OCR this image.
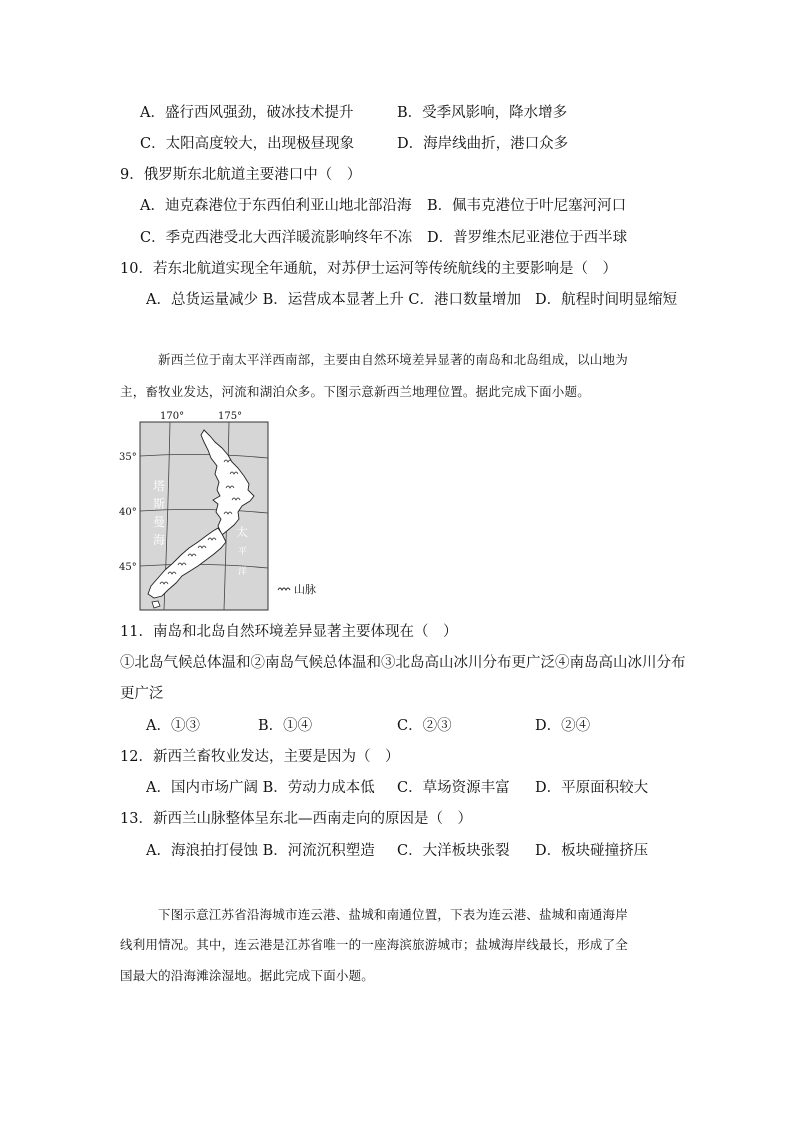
A．盛行西风强劲，破冰技术提升	B．受季风影响，降水增多
C．太阳高度较大，出现极昼现象	D．海岸线曲折，港口众多
9．俄罗斯东北航道主要港口中（　）
A．迪克森港位于东西伯利亚山地北部沿海 B．佩韦克港位于叶尼塞河河口
C．季克西港受北大西洋暖流影响终年不冻 D．普罗维杰尼亚港位于西半球
10．若东北航道实现全年通航，对苏伊士运河等传统航线的主要影响是（　）
A．总货运量减少 B．运营成本显著上升 C．港口数量增加 D．航程时间明显缩短
新西兰位于南太平洋西南部，主要由自然环境差异显著的南岛和北岛组成，以山地为
主，畜牧业发达，河流和湖泊众多。下图示意新西兰地理位置。据此完成下面小题。
170°	175°
35°
40°
45°
塔
斯
曼
海
太
平
洋
山脉
11．南岛和北岛自然环境差异显著主要体现在（　）
①北岛气候总体温和②南岛气候总体温和③北岛高山冰川分布更广泛④南岛高山冰川分布
更广泛
A．①③	B．①④	C．②③	D．②④
12．新西兰畜牧业发达，主要是因为（　）
A．国内市场广阔 B．劳动力成本低 C．草场资源丰富 D．平原面积较大
13．新西兰山脉整体呈东北—西南走向的原因是（　）
A．海浪拍打侵蚀 B．河流沉积塑造 C．大洋板块张裂 D．板块碰撞挤压
下图示意江苏省沿海城市连云港、盐城和南通位置，下表为连云港、盐城和南通海岸
线利用情况。其中，连云港是江苏省唯一的一座海滨旅游城市；盐城海岸线最长，形成了全
国最大的沿海滩涂湿地。据此完成下面小题。
